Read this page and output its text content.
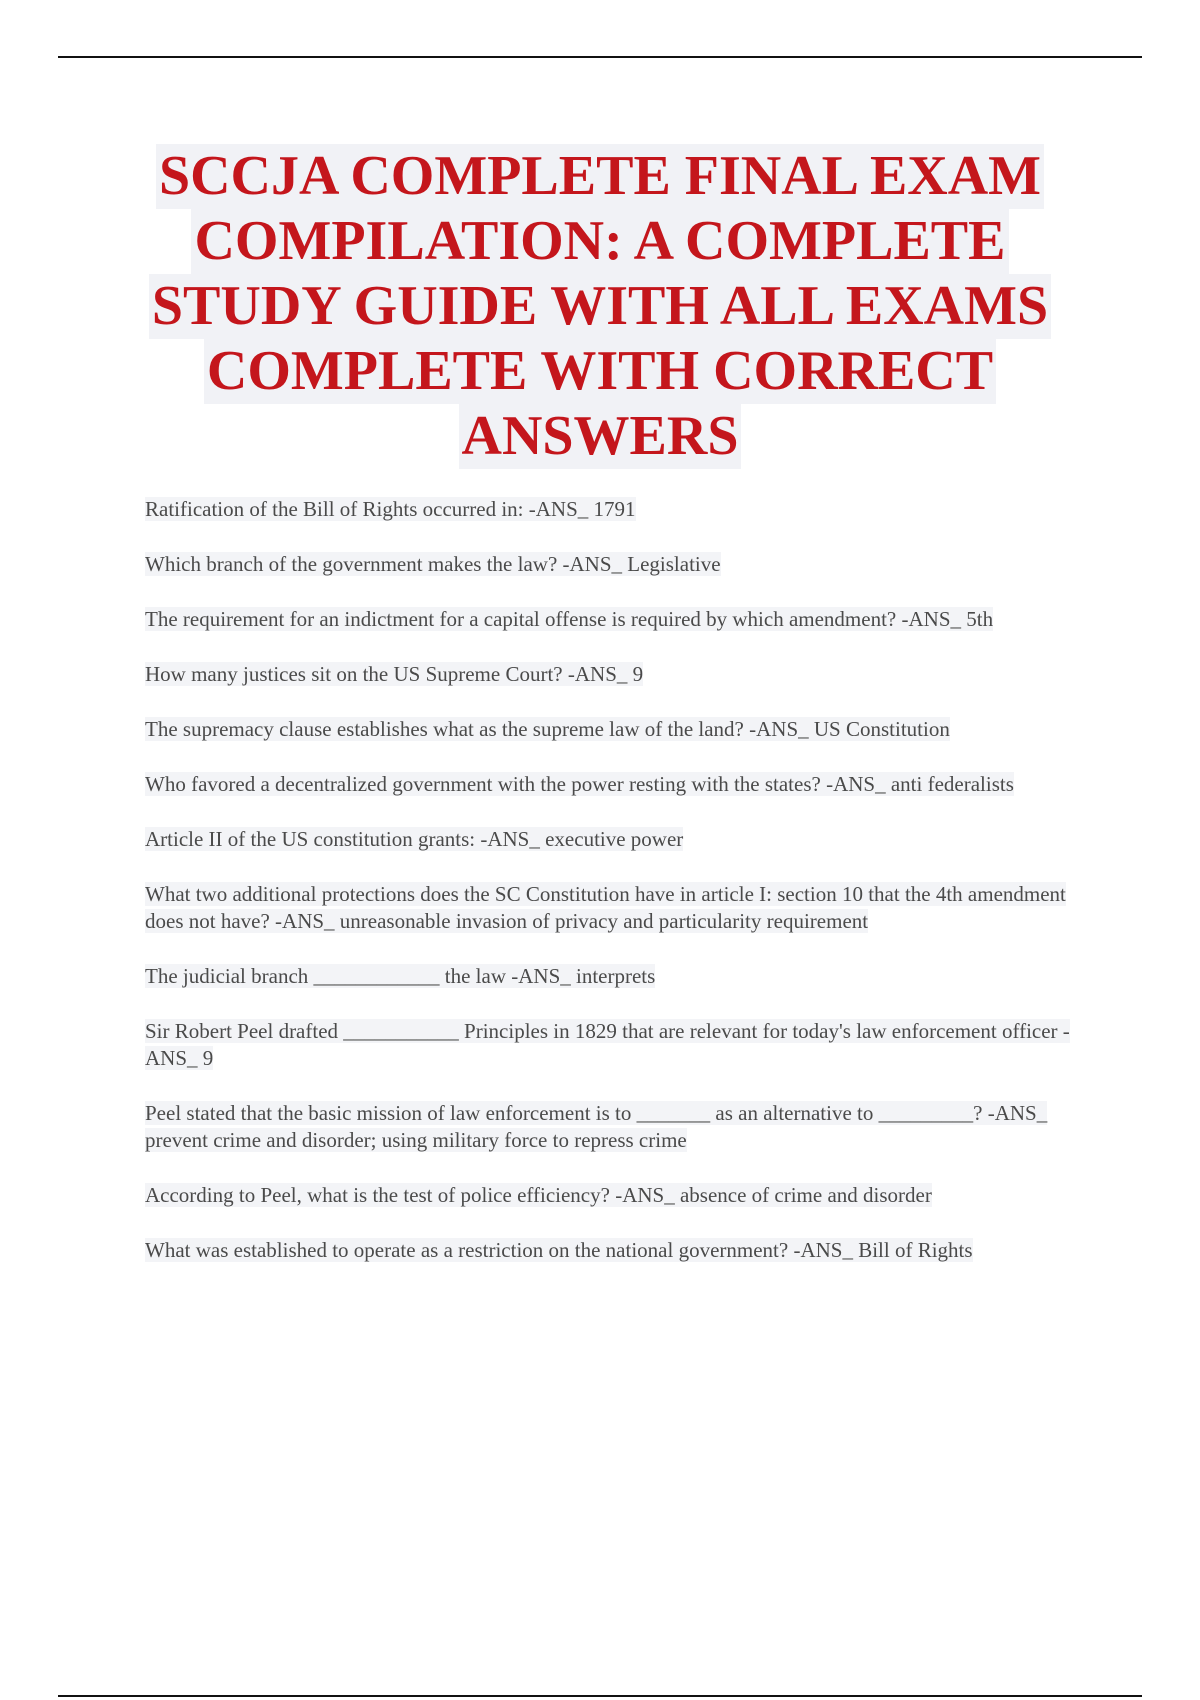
SCCJA COMPLETE FINAL EXAM
COMPILATION: A COMPLETE
STUDY GUIDE WITH ALL EXAMS
COMPLETE WITH CORRECT
ANSWERS
Ratification of the Bill of Rights occurred in: -ANS_ 1791
Which branch of the government makes the law? -ANS_ Legislative
The requirement for an indictment for a capital offense is required by which amendment? -ANS_ 5th
How many justices sit on the US Supreme Court? -ANS_ 9
The supremacy clause establishes what as the supreme law of the land? -ANS_ US Constitution
Who favored a decentralized government with the power resting with the states? -ANS_ anti federalists
Article II of the US constitution grants: -ANS_ executive power
What two additional protections does the SC Constitution have in article I: section 10 that the 4th amendment does not have? -ANS_ unreasonable invasion of privacy and particularity requirement
The judicial branch ____________ the law -ANS_ interprets
Sir Robert Peel drafted ___________ Principles in 1829 that are relevant for today's law enforcement officer -ANS_ 9
Peel stated that the basic mission of law enforcement is to _______ as an alternative to _________? -ANS_ prevent crime and disorder; using military force to repress crime
According to Peel, what is the test of police efficiency? -ANS_ absence of crime and disorder
What was established to operate as a restriction on the national government? -ANS_ Bill of Rights
